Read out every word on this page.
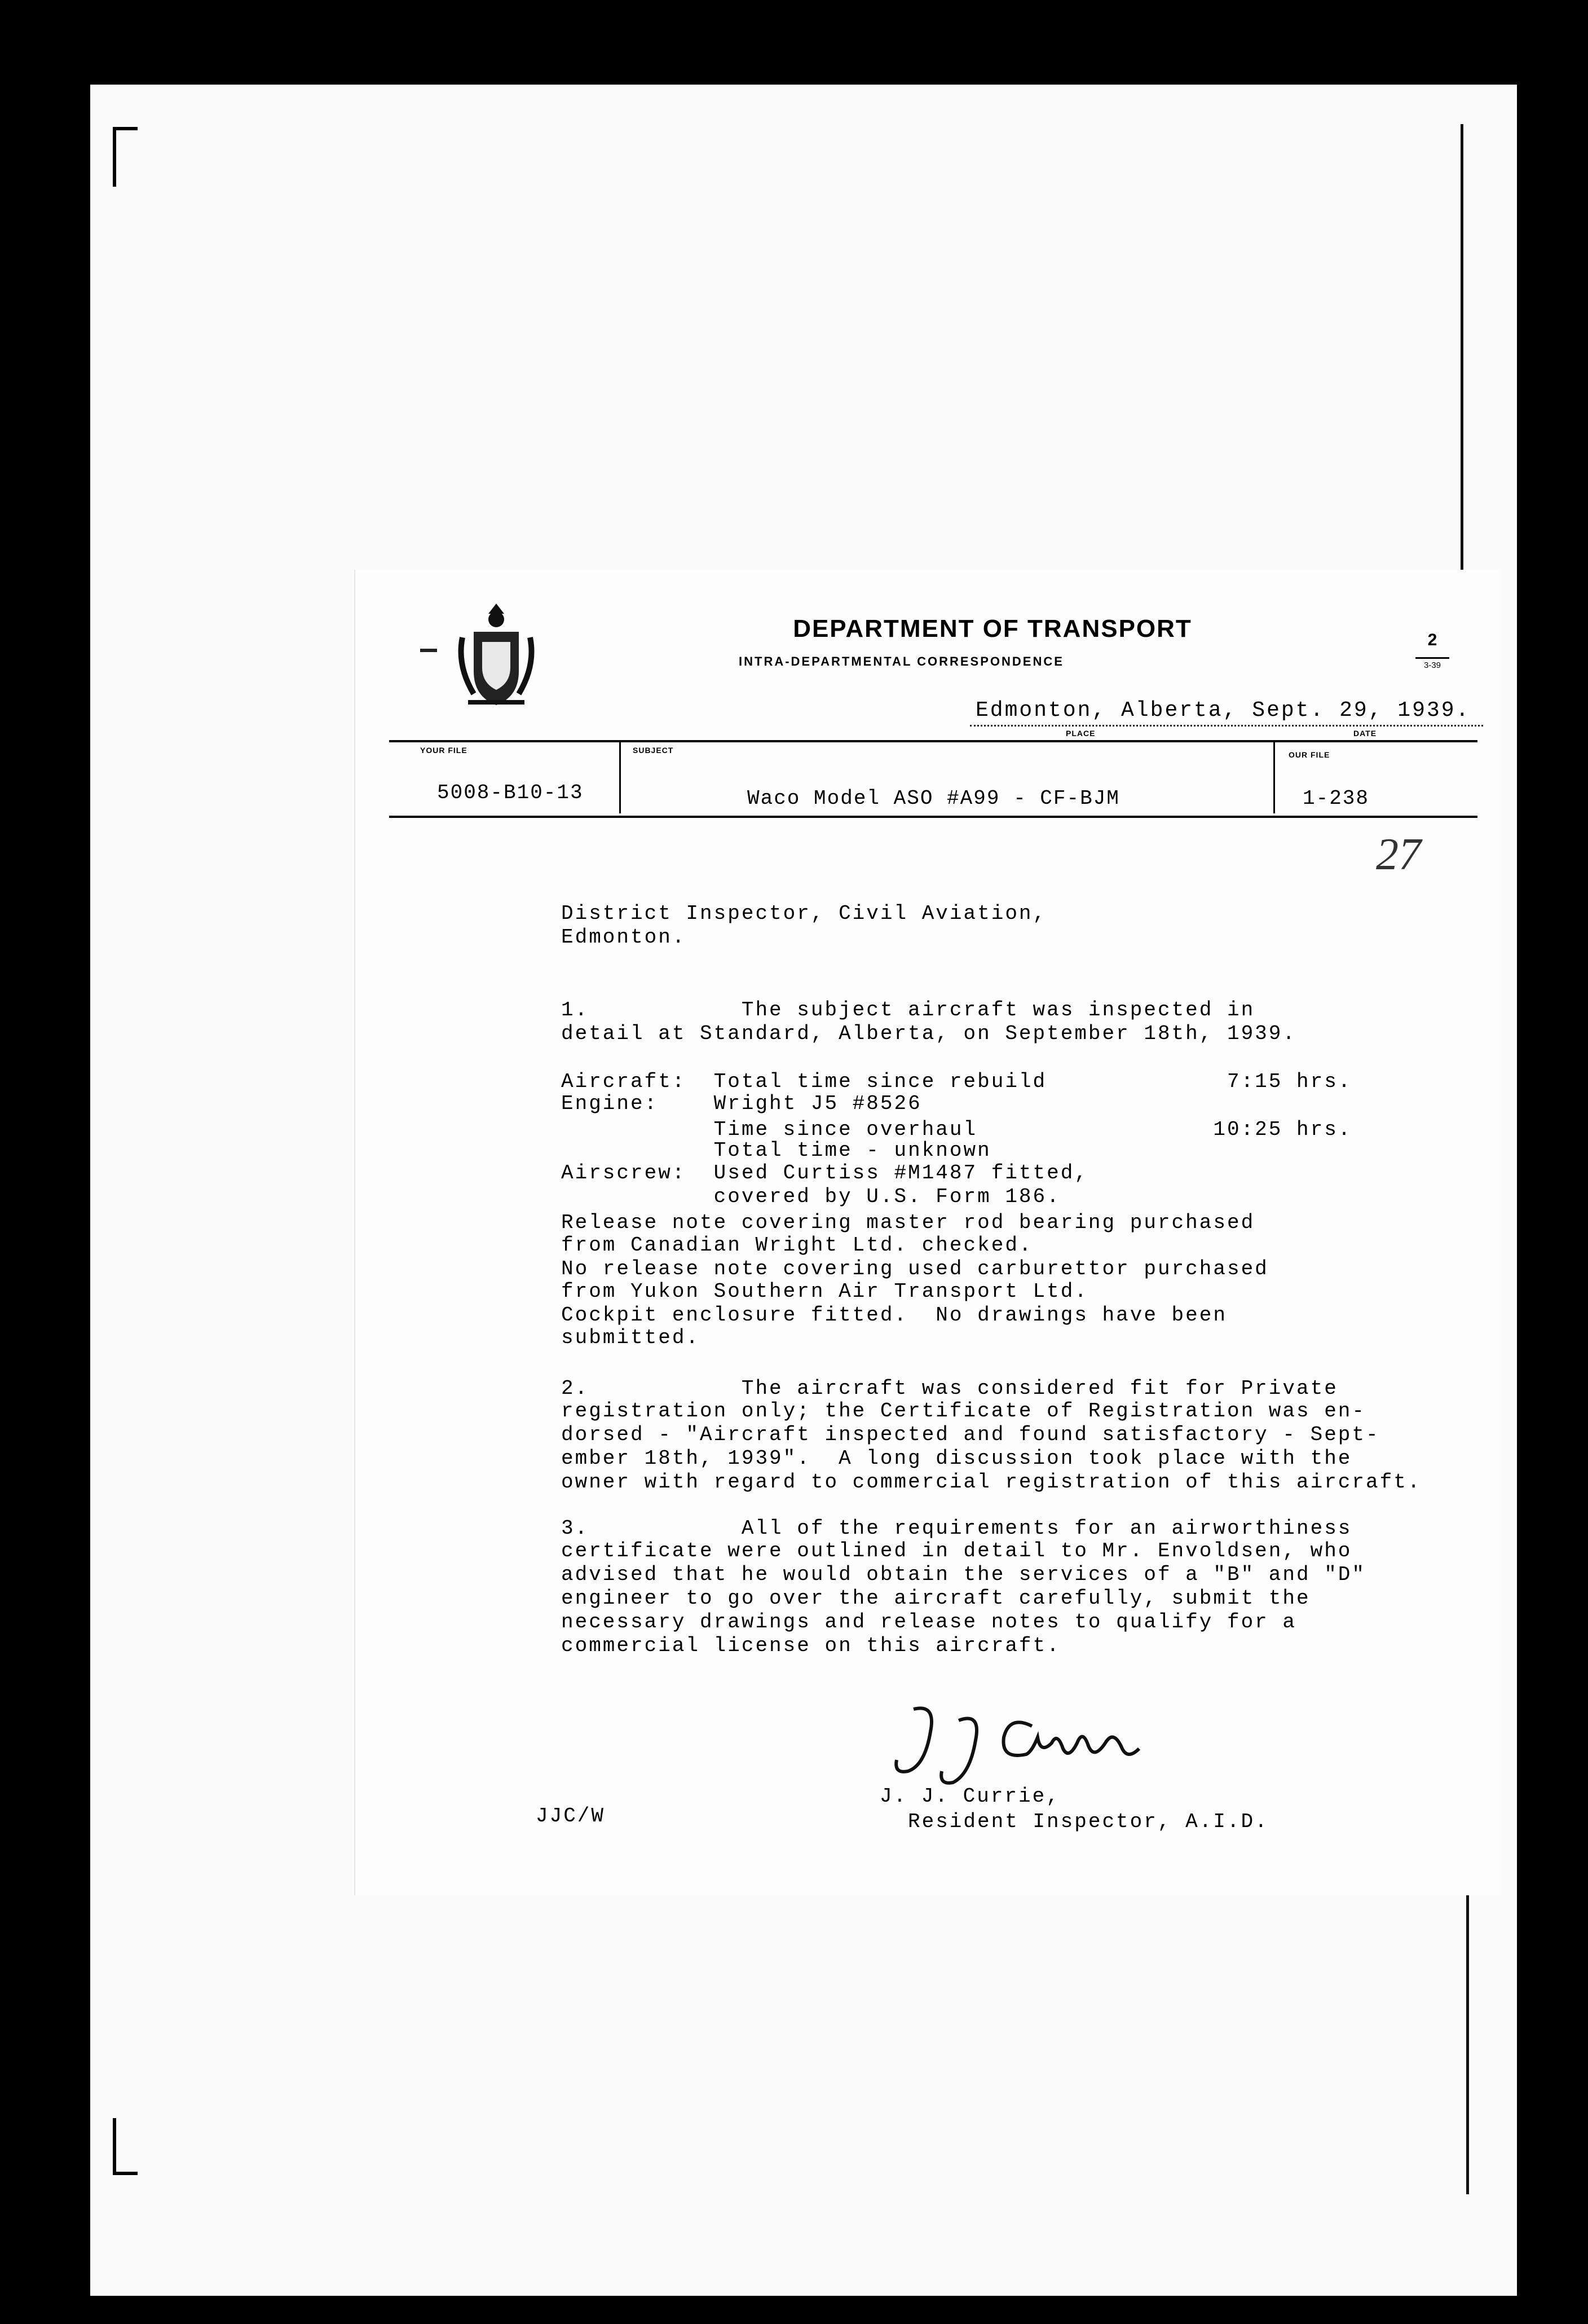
DEPARTMENT OF TRANSPORT
INTRA-DEPARTMENTAL CORRESPONDENCE
2
3-39
Edmonton, Alberta, Sept. 29, 1939.
PLACE	DATE
YOUR FILE	SUBJECT	OUR FILE
5008-B10-13	Waco Model ASO #A99 - CF-BJM	1-238
27
District Inspector, Civil Aviation,
Edmonton.
1.           The subject aircraft was inspected in
detail at Standard, Alberta, on September 18th, 1939.
Aircraft:  Total time since rebuild             7:15 hrs.
Engine:    Wright J5 #8526
Time since overhaul                 10:25 hrs.
Total time - unknown
Airscrew:  Used Curtiss #M1487 fitted,
covered by U.S. Form 186.
Release note covering master rod bearing purchased
from Canadian Wright Ltd. checked.
No release note covering used carburettor purchased
from Yukon Southern Air Transport Ltd.
Cockpit enclosure fitted.  No drawings have been
submitted.
2.           The aircraft was considered fit for Private
registration only; the Certificate of Registration was en-
dorsed - "Aircraft inspected and found satisfactory - Sept-
ember 18th, 1939".  A long discussion took place with the
owner with regard to commercial registration of this aircraft.
3.           All of the requirements for an airworthiness
certificate were outlined in detail to Mr. Envoldsen, who
advised that he would obtain the services of a "B" and "D"
engineer to go over the aircraft carefully, submit the
necessary drawings and release notes to qualify for a
commercial license on this aircraft.
J. J. Currie,
Resident Inspector, A.I.D.
JJC/W
